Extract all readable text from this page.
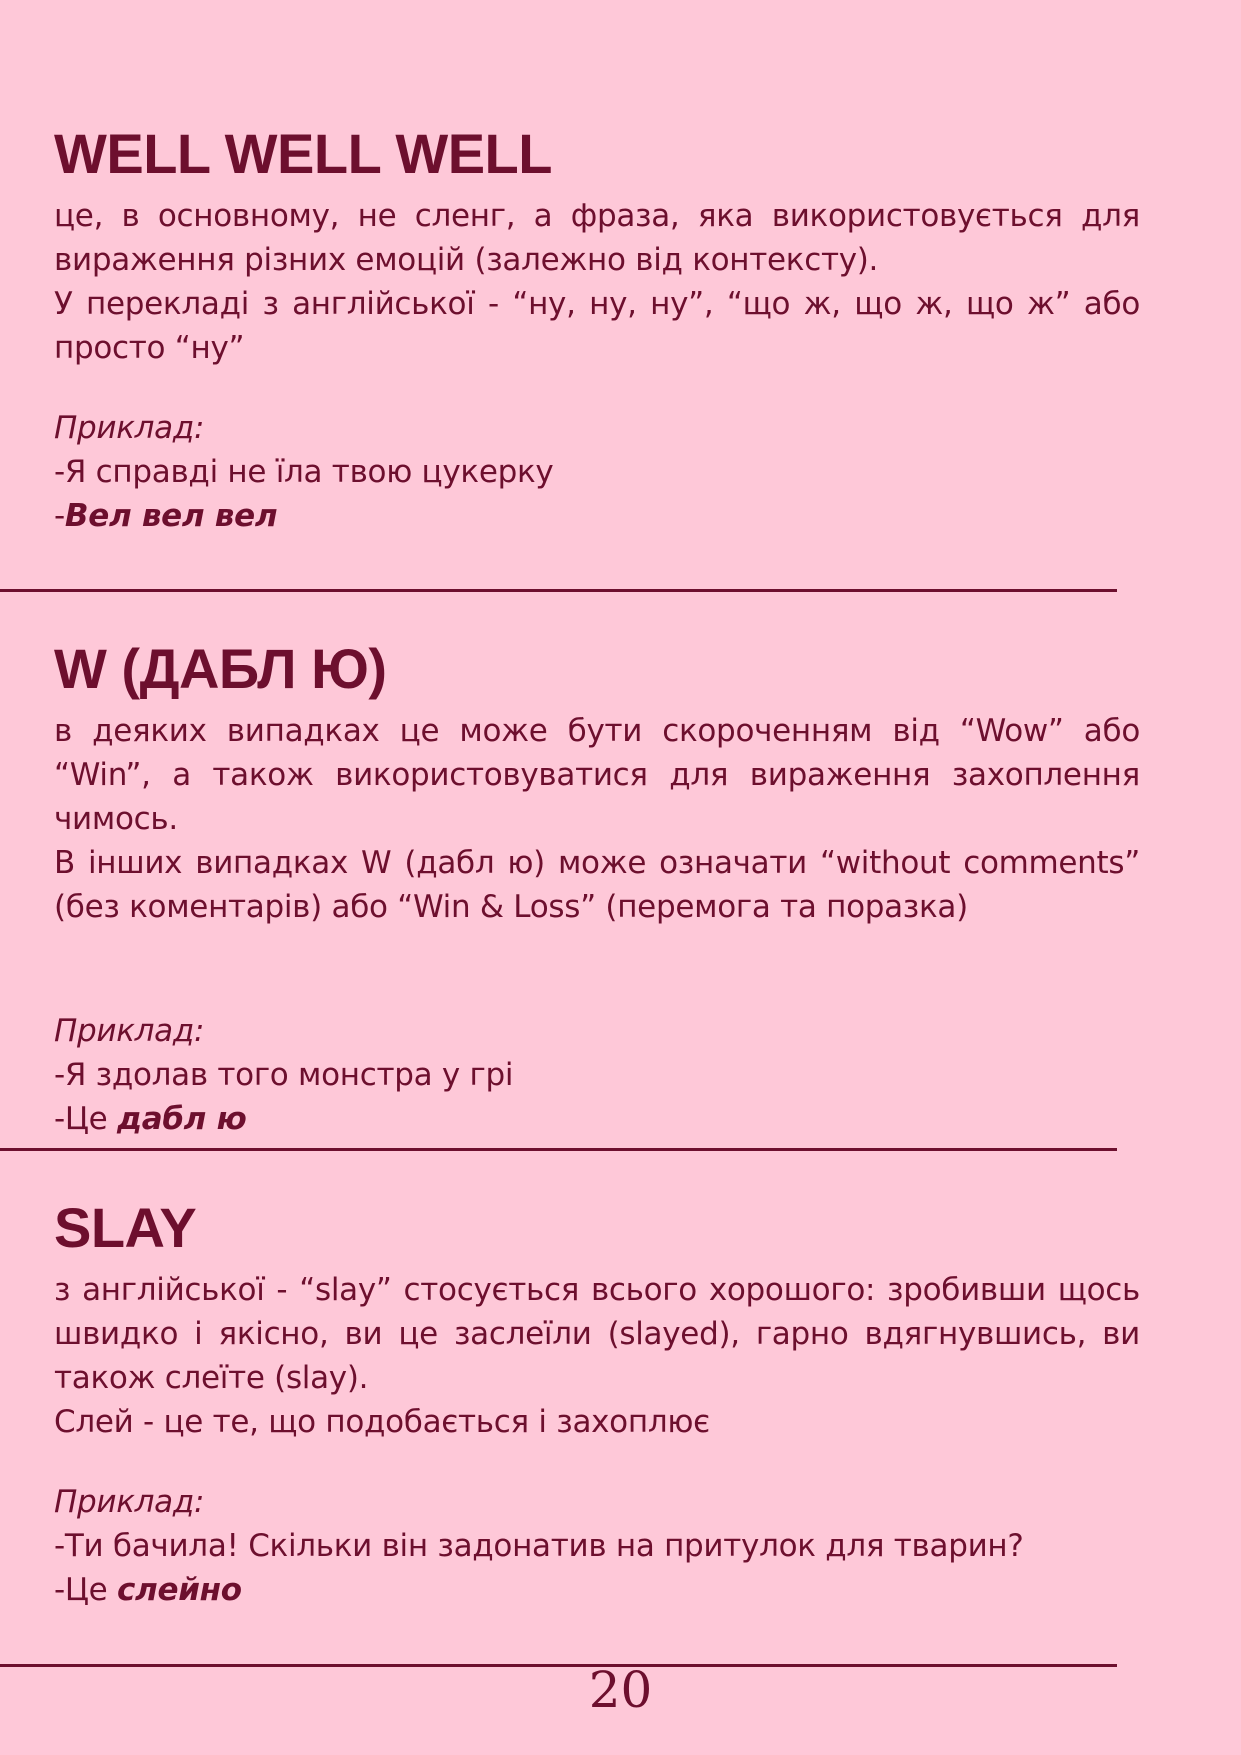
WELL WELL WELL

це, в основному, не сленг, а фраза, яка використовується для вираження різних емоцій (залежно від контексту).

У перекладі з англійської - “ну, ну, ну”, “що ж, що ж, що ж” або просто “ну”

Приклад:

-Я справді не їла твою цукерку

-Вел вел вел

W (ДАБЛ Ю)

в деяких випадках це може бути скороченням від “Wow” або “Win”, а також використовуватися для вираження захоплення чимось.

В інших випадках W (дабл ю) може означати “without comments” (без коментарів) або “Win & Loss” (перемога та поразка)

Приклад:

-Я здолав того монстра у грі

-Це дабл ю

SLAY

з англійської - “slay” стосується всього хорошого: зробивши щось швидко і якісно, ви це заслеїли (slayed), гарно вдягнувшись, ви також слеїте (slay).

Слей - це те, що подобається і захоплює

Приклад:

-Ти бачила! Скільки він задонатив на притулок для тварин?

-Це слейно

20
